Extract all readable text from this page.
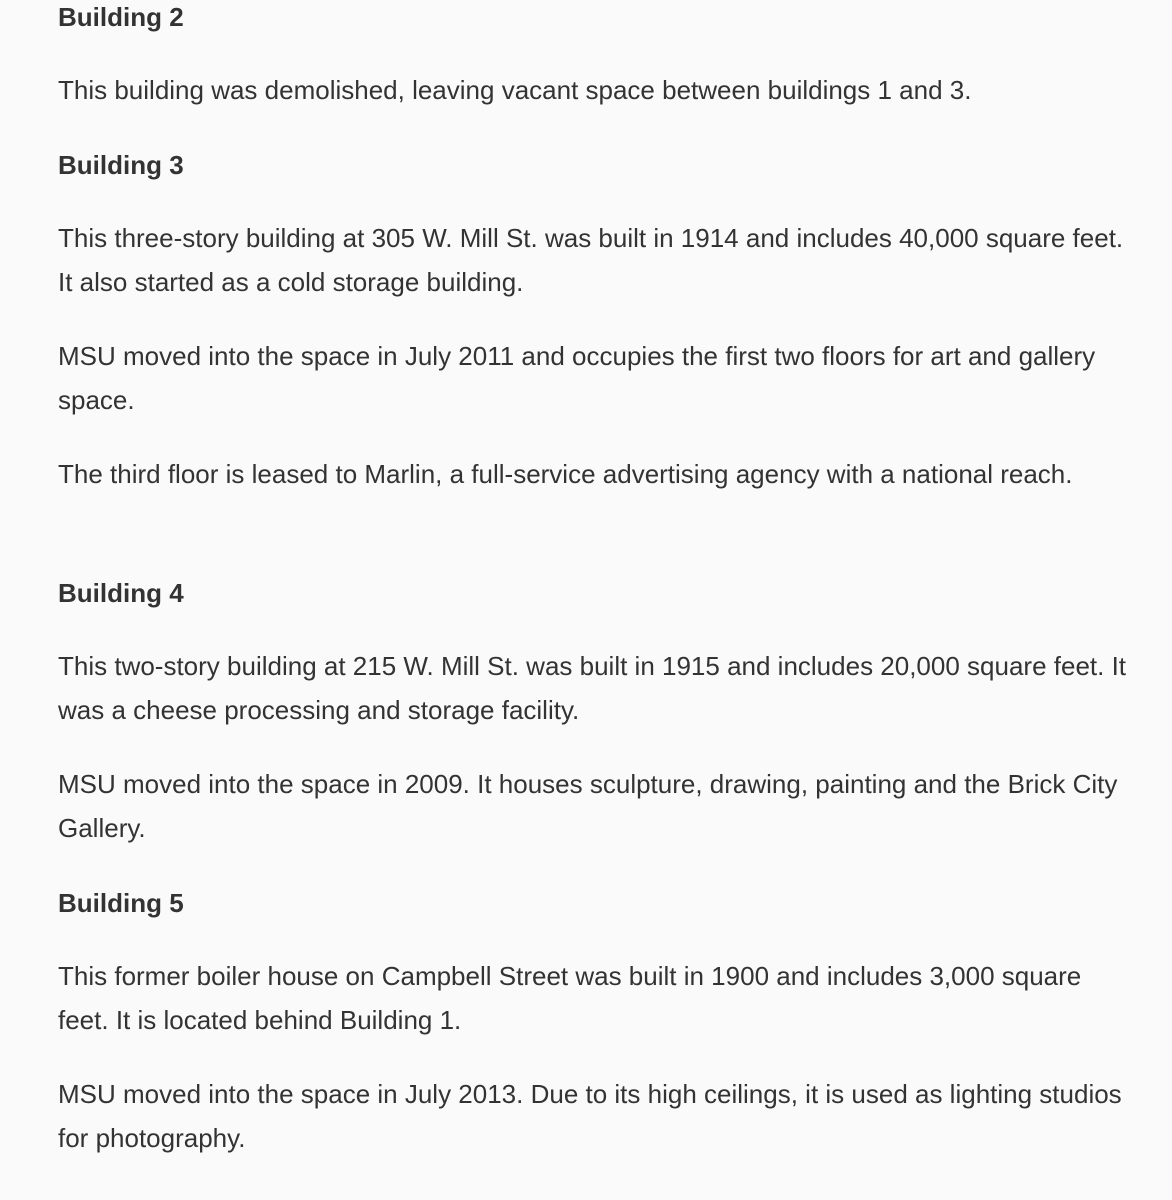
Building 2

This building was demolished, leaving vacant space between buildings 1 and 3.

Building 3

This three-story building at 305 W. Mill St. was built in 1914 and includes 40,000 square feet. It also started as a cold storage building.

MSU moved into the space in July 2011 and occupies the first two floors for art and gallery space.

The third floor is leased to Marlin, a full-service advertising agency with a national reach.

Building 4

This two-story building at 215 W. Mill St. was built in 1915 and includes 20,000 square feet. It was a cheese processing and storage facility.

MSU moved into the space in 2009. It houses sculpture, drawing, painting and the Brick City Gallery.

Building 5

This former boiler house on Campbell Street was built in 1900 and includes 3,000 square feet. It is located behind Building 1.

MSU moved into the space in July 2013. Due to its high ceilings, it is used as lighting studios for photography.
